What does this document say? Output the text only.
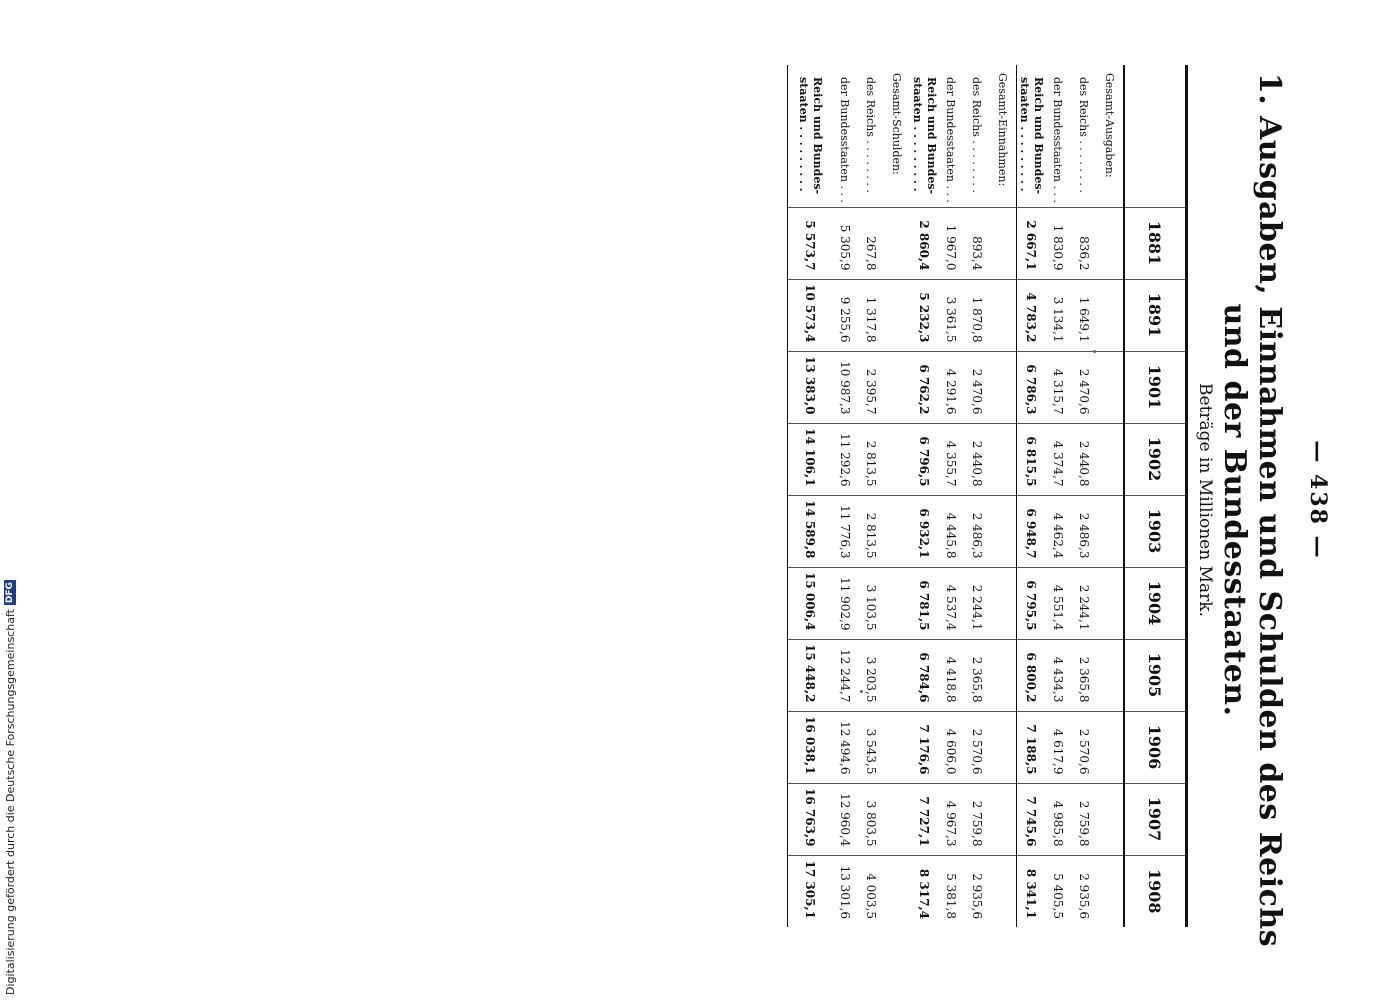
— 438 —
1. Ausgaben, Einnahmen und Schulden des Reichs und der Bundesstaaten.
Beträge in Millionen Mark.
	1881	1891	1901	1902	1903	1904	1905	1906	1907	1908
Gesamt-Ausgaben:										
des Reichs . . . . . . . .	836,2	1 649,1	2 470,6	2 440,8	2 486,3	2 244,1	2 365,8	2 570,6	2 759,8	2 935,6
der Bundesstaaten . . .	1 830,9	3 134,1	4 315,7	4 374,7	4 462,4	4 551,4	4 434,3	4 617,9	4 985,8	5 405,5
Reich und Bundes- staaten . . . . . . . . .	2 667,1	4 783,2	6 786,3	6 815,5	6 948,7	6 795,5	6 800,2	7 188,5	7 745,6	8 341,1
Gesamt-Einnahmen:										
des Reichs . . . . . . . .	893,4	1 870,8	2 470,6	2 440,8	2 486,3	2 244,1	2 365,8	2 570,6	2 759,8	2 935,6
der Bundesstaaten . . .	1 967,0	3 361,5	4 291,6	4 355,7	4 445,8	4 537,4	4 418,8	4 606,0	4 967,3	5 381,8
Reich und Bundes- staaten . . . . . . . . .	2 860,4	5 232,3	6 762,2	6 796,5	6 932,1	6 781,5	6 784,6	7 176,6	7 727,1	8 317,4
Gesamt-Schulden:										
des Reichs . . . . . . . .	267,8	1 317,8	2 395,7	2 813,5	2 813,5	3 103,5	3 203,5	3 543,5	3 803,5	4 003,5
der Bundesstaaten . . .	5 305,9	9 255,6	10 987,3	11 292,6	11 776,3	11 902,9	12 244,7	12 494,6	12 960,4	13 301,6
Reich und Bundes- staaten . . . . . . . . .	5 573,7	10 573,4	13 383,0	14 106,1	14 589,8	15 006,4	15 448,2	16 038,1	16 763,9	17 305,1
Digitalisierung gefördert durch die Deutsche Forschungsgemeinschaft
DFG
